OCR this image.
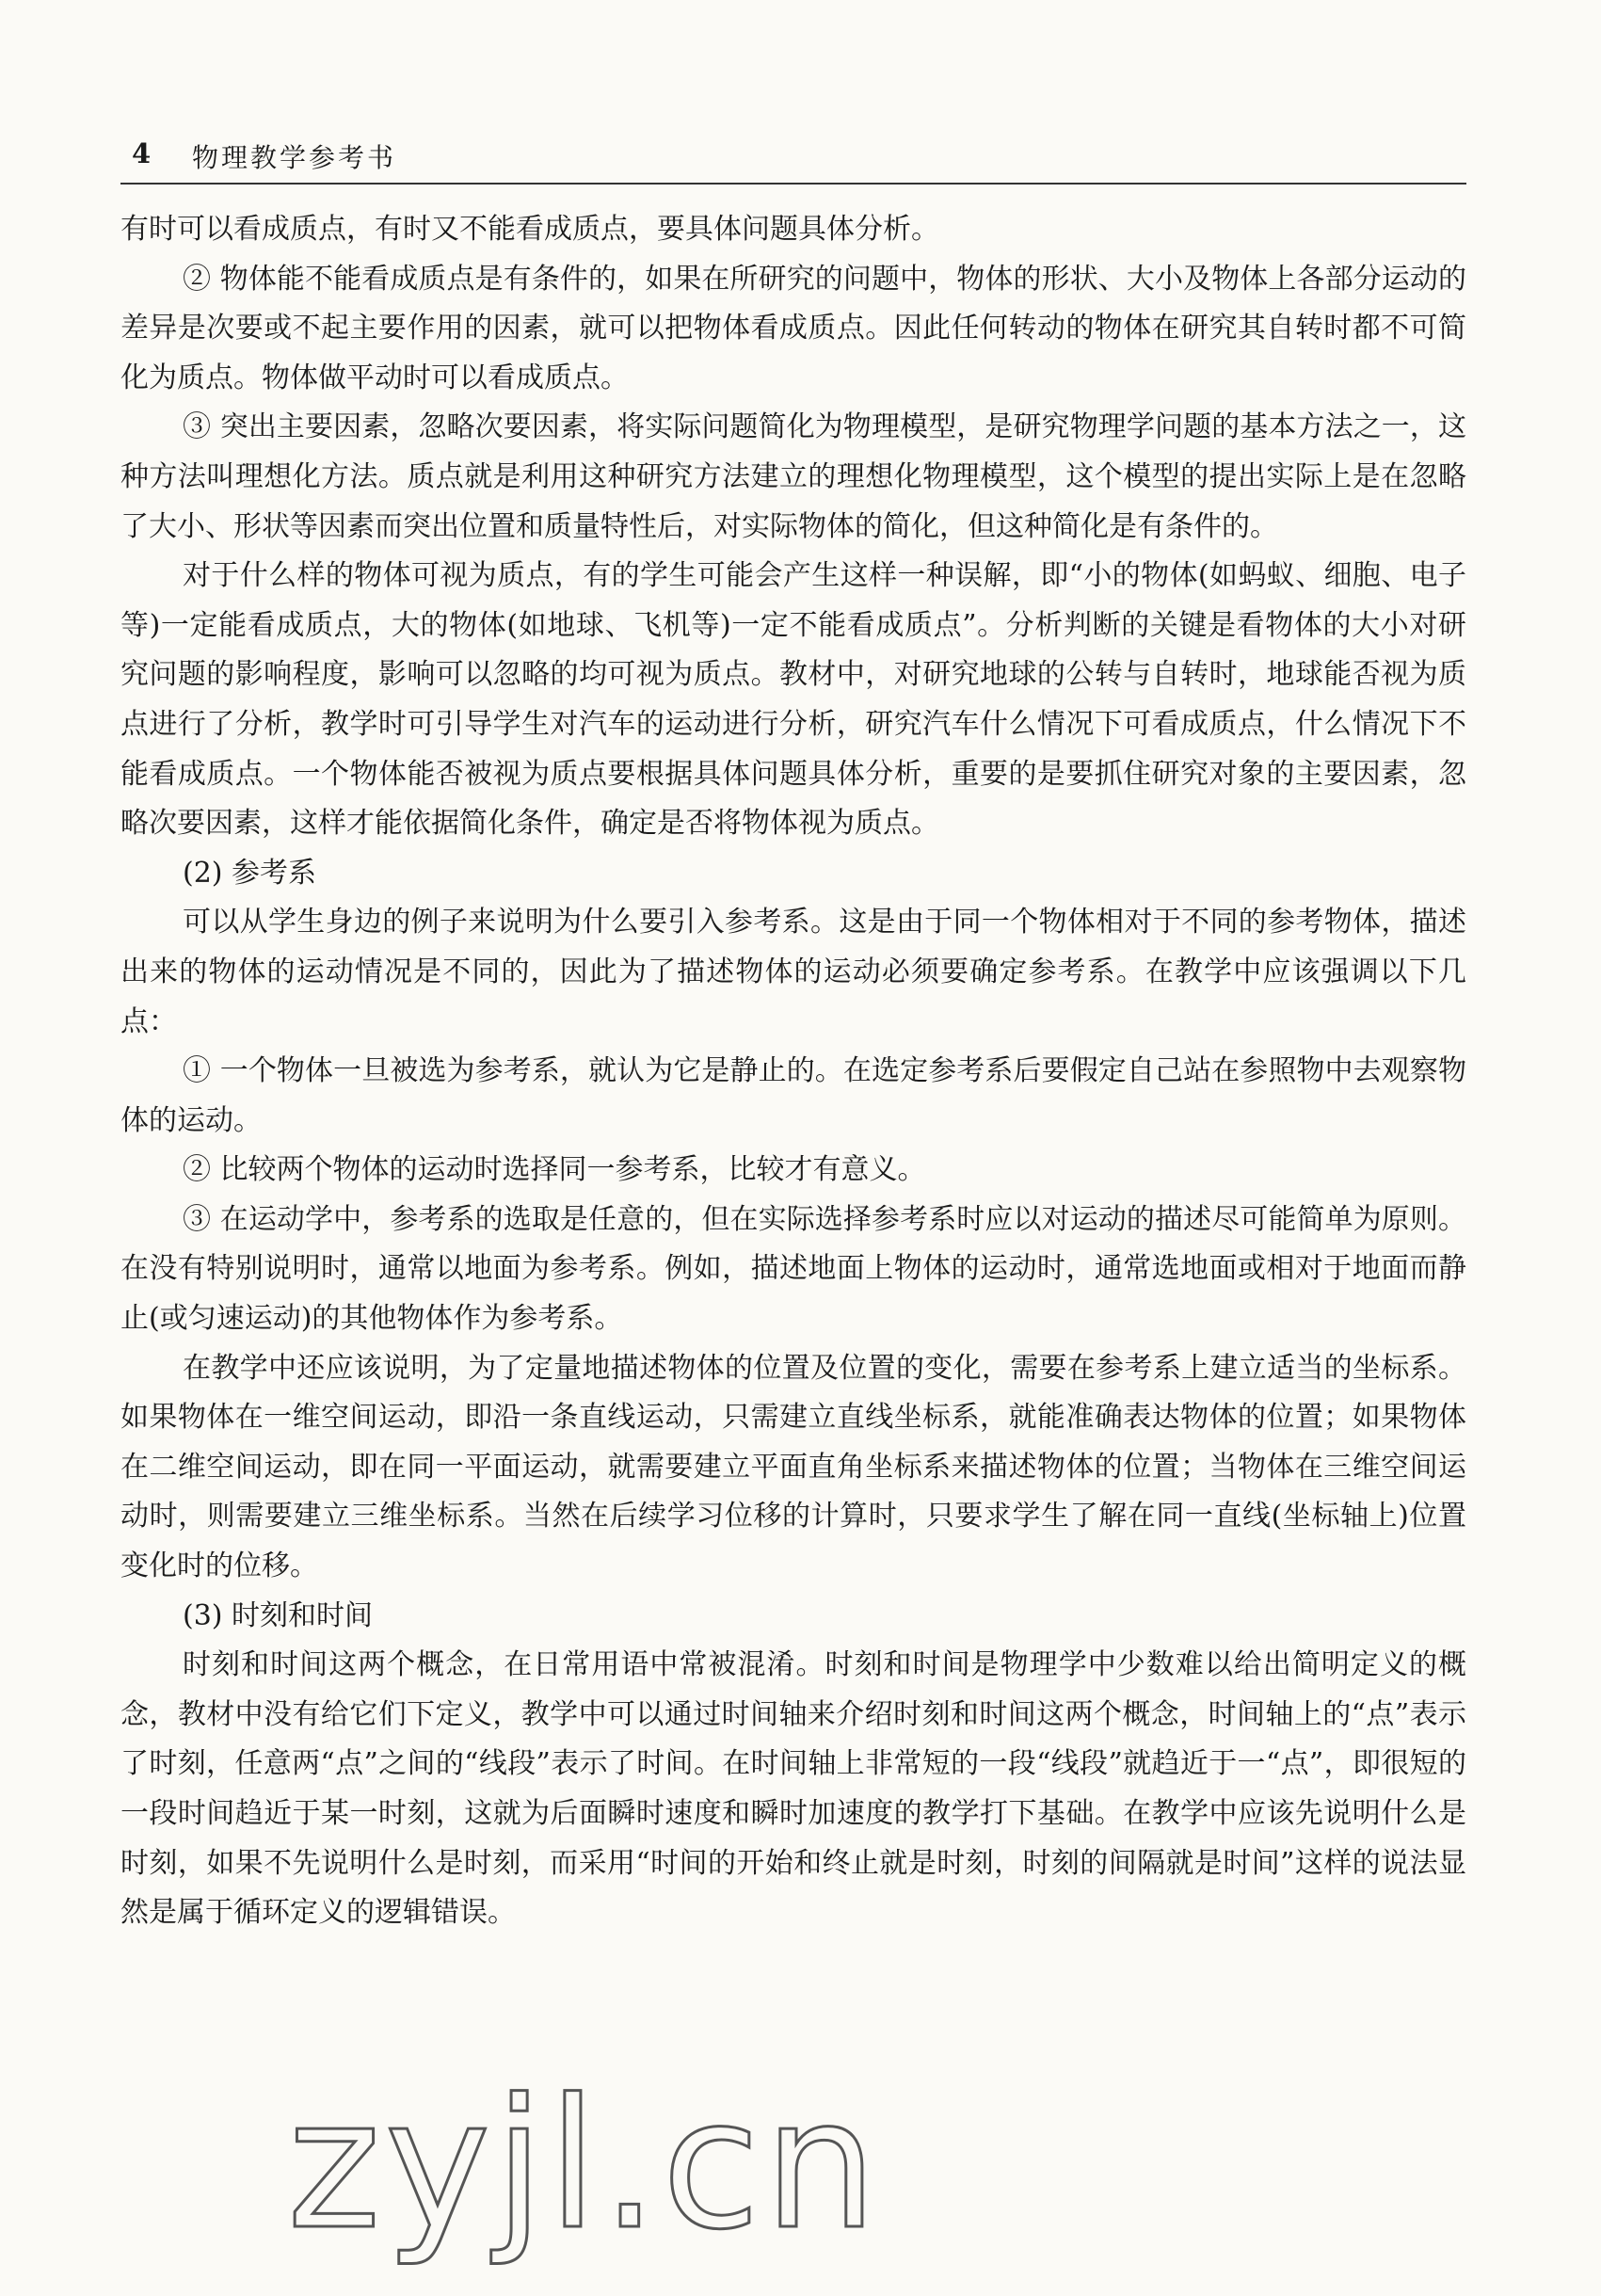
4 物理教学参考书

有时可以看成质点，有时又不能看成质点，要具体问题具体分析。

② 物体能不能看成质点是有条件的，如果在所研究的问题中，物体的形状、大小及物体上各部分运动的差异是次要或不起主要作用的因素，就可以把物体看成质点。因此任何转动的物体在研究其自转时都不可简化为质点。物体做平动时可以看成质点。

③ 突出主要因素，忽略次要因素，将实际问题简化为物理模型，是研究物理学问题的基本方法之一，这种方法叫理想化方法。质点就是利用这种研究方法建立的理想化物理模型，这个模型的提出实际上是在忽略了大小、形状等因素而突出位置和质量特性后，对实际物体的简化，但这种简化是有条件的。

对于什么样的物体可视为质点，有的学生可能会产生这样一种误解，即“小的物体(如蚂蚁、细胞、电子等)一定能看成质点，大的物体(如地球、飞机等)一定不能看成质点”。分析判断的关键是看物体的大小对研究问题的影响程度，影响可以忽略的均可视为质点。教材中，对研究地球的公转与自转时，地球能否视为质点进行了分析，教学时可引导学生对汽车的运动进行分析，研究汽车什么情况下可看成质点，什么情况下不能看成质点。一个物体能否被视为质点要根据具体问题具体分析，重要的是要抓住研究对象的主要因素，忽略次要因素，这样才能依据简化条件，确定是否将物体视为质点。

(2) 参考系

可以从学生身边的例子来说明为什么要引入参考系。这是由于同一个物体相对于不同的参考物体，描述出来的物体的运动情况是不同的，因此为了描述物体的运动必须要确定参考系。在教学中应该强调以下几点：

① 一个物体一旦被选为参考系，就认为它是静止的。在选定参考系后要假定自己站在参照物中去观察物体的运动。

② 比较两个物体的运动时选择同一参考系，比较才有意义。

③ 在运动学中，参考系的选取是任意的，但在实际选择参考系时应以对运动的描述尽可能简单为原则。在没有特别说明时，通常以地面为参考系。例如，描述地面上物体的运动时，通常选地面或相对于地面而静止(或匀速运动)的其他物体作为参考系。

在教学中还应该说明，为了定量地描述物体的位置及位置的变化，需要在参考系上建立适当的坐标系。如果物体在一维空间运动，即沿一条直线运动，只需建立直线坐标系，就能准确表达物体的位置；如果物体在二维空间运动，即在同一平面运动，就需要建立平面直角坐标系来描述物体的位置；当物体在三维空间运动时，则需要建立三维坐标系。当然在后续学习位移的计算时，只要求学生了解在同一直线(坐标轴上)位置变化时的位移。

(3) 时刻和时间

时刻和时间这两个概念，在日常用语中常被混淆。时刻和时间是物理学中少数难以给出简明定义的概念，教材中没有给它们下定义，教学中可以通过时间轴来介绍时刻和时间这两个概念，时间轴上的“点”表示了时刻，任意两“点”之间的“线段”表示了时间。在时间轴上非常短的一段“线段”就趋近于一“点”，即很短的一段时间趋近于某一时刻，这就为后面瞬时速度和瞬时加速度的教学打下基础。在教学中应该先说明什么是时刻，如果不先说明什么是时刻，而采用“时间的开始和终止就是时刻，时刻的间隔就是时间”这样的说法显然是属于循环定义的逻辑错误。

zyjl.cn
